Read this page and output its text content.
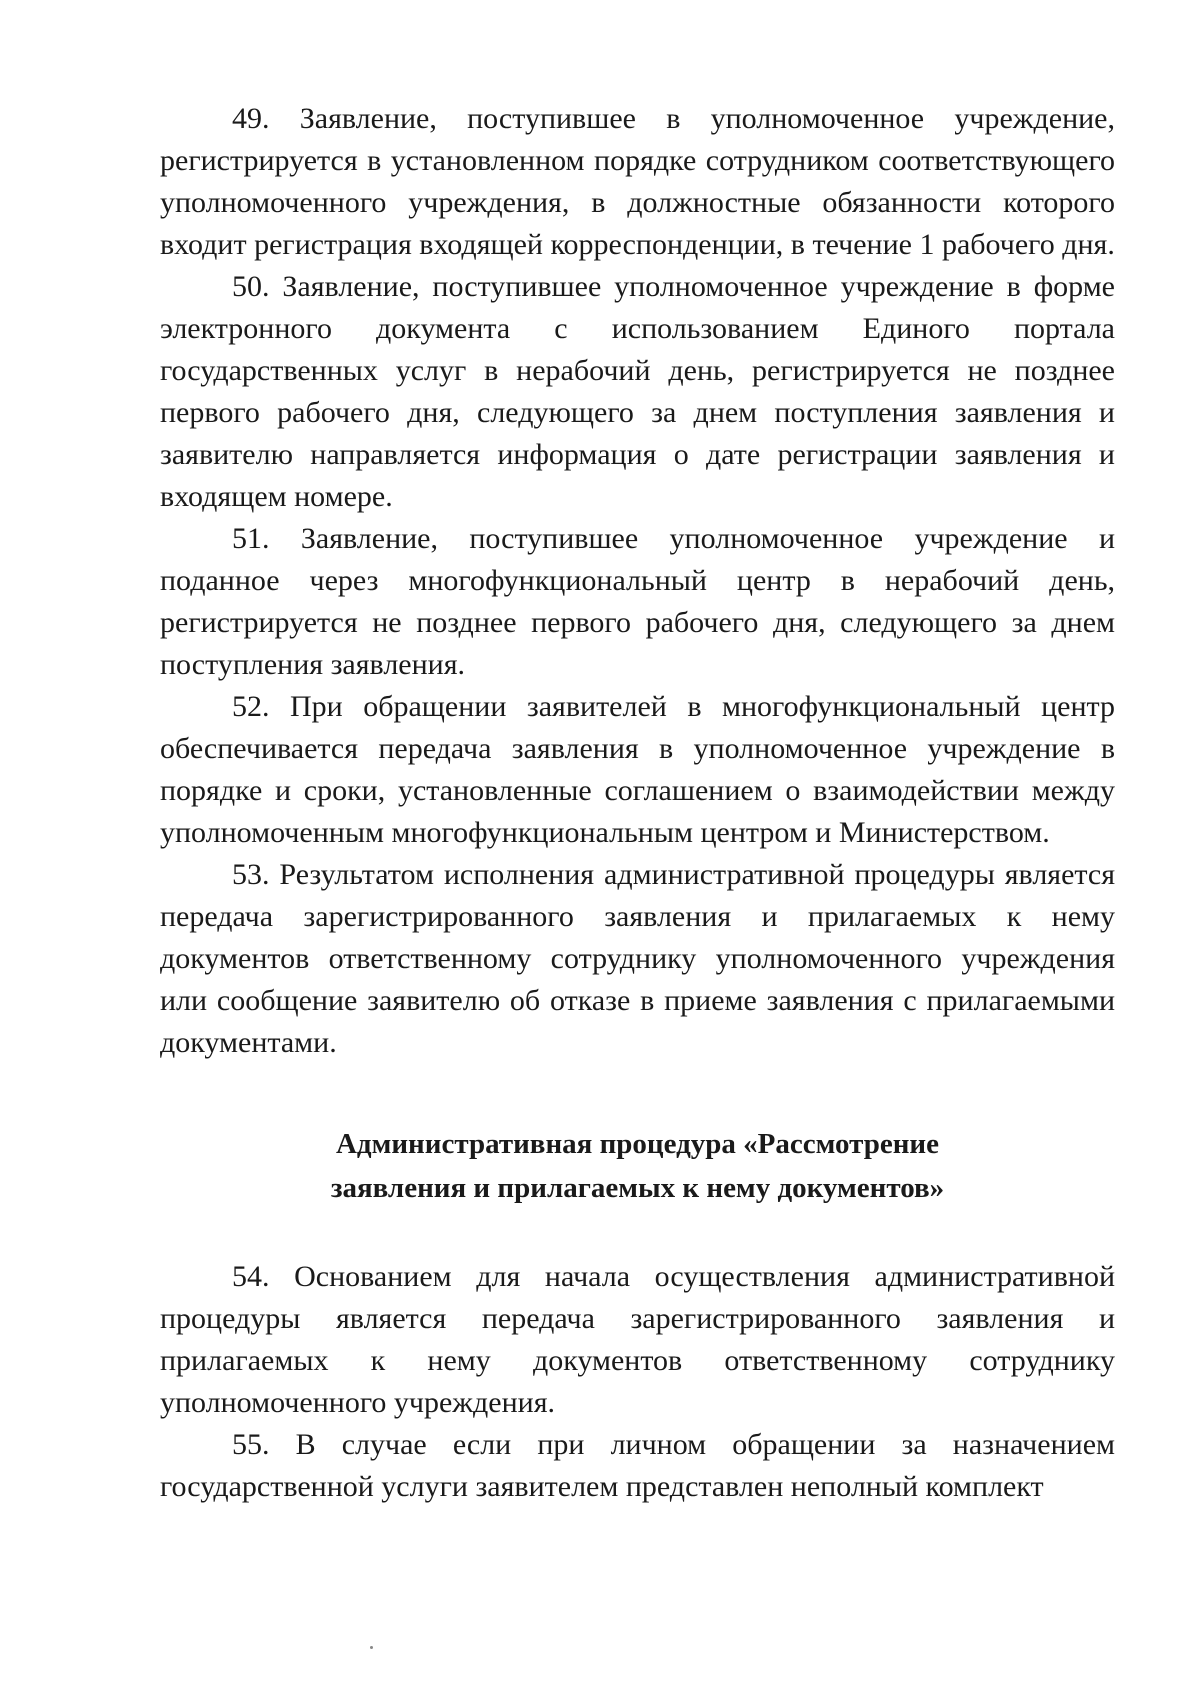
49. Заявление, поступившее в уполномоченное учреждение, регистрируется в установленном порядке сотрудником соответствующего уполномоченного учреждения, в должностные обязанности которого входит регистрация входящей корреспонденции, в течение 1 рабочего дня.

50. Заявление, поступившее уполномоченное учреждение в форме электронного документа с использованием Единого портала государственных услуг в нерабочий день, регистрируется не позднее первого рабочего дня, следующего за днем поступления заявления и заявителю направляется информация о дате регистрации заявления и входящем номере.

51. Заявление, поступившее уполномоченное учреждение и поданное через многофункциональный центр в нерабочий день, регистрируется не позднее первого рабочего дня, следующего за днем поступления заявления.

52. При обращении заявителей в многофункциональный центр обеспечивается передача заявления в уполномоченное учреждение в порядке и сроки, установленные соглашением о взаимодействии между уполномоченным многофункциональным центром и Министерством.

53. Результатом исполнения административной процедуры является передача зарегистрированного заявления и прилагаемых к нему документов ответственному сотруднику уполномоченного учреждения или сообщение заявителю об отказе в приеме заявления с прилагаемыми документами.

Административная процедура «Рассмотрение

заявления и прилагаемых к нему документов»

54. Основанием для начала осуществления административной процедуры является передача зарегистрированного заявления и прилагаемых к нему документов ответственному сотруднику уполномоченного учреждения.

55. В случае если при личном обращении за назначением государственной услуги заявителем представлен неполный комплект
